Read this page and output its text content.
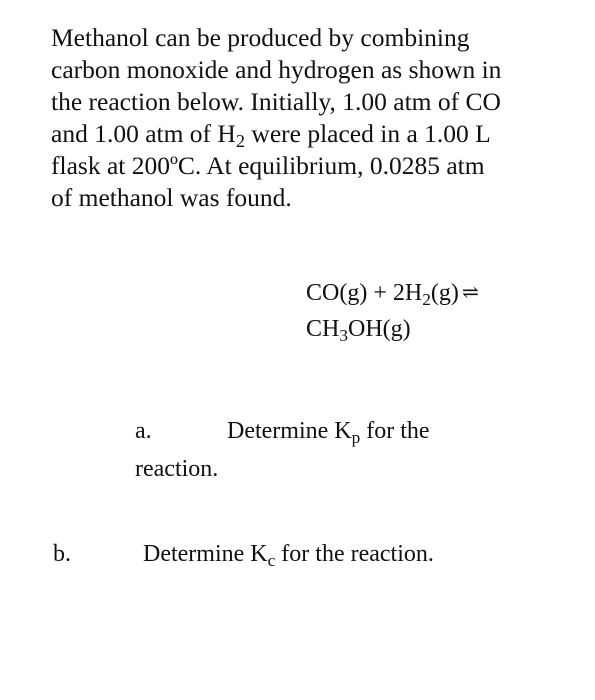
Methanol can be produced by combining
carbon monoxide and hydrogen as shown in
the reaction below. Initially, 1.00 atm of CO
and 1.00 atm of $H_2$ were placed in a 1.00 L
flask at 200ºC. At equilibrium, 0.0285 atm
of methanol was found.
$CO(g) + 2H_2(g)$ ⇌
$CH_3OH(g)$
a.	Determine $K_p$ for the
reaction.
b.	Determine $K_c$ for the reaction.
